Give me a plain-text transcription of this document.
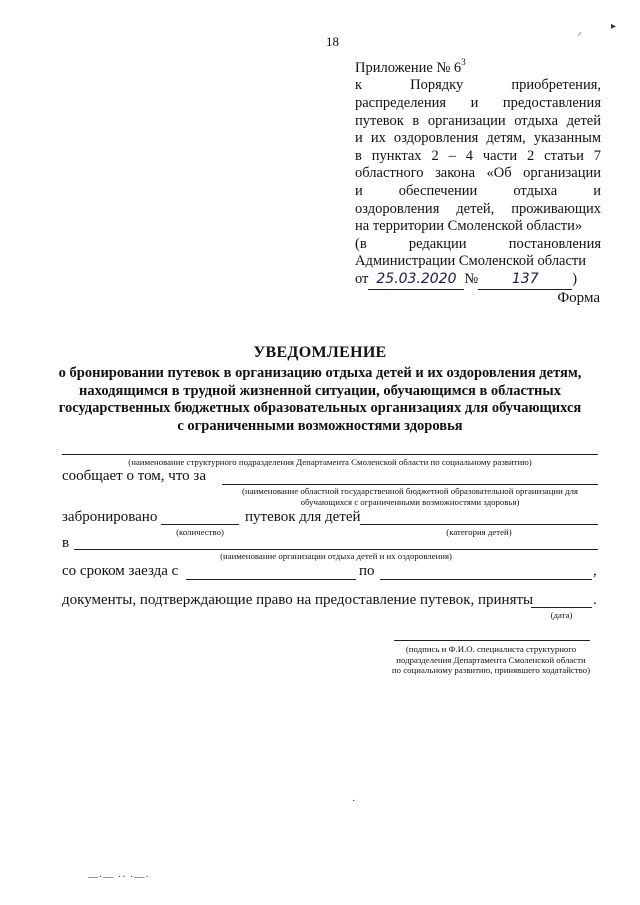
18
⸝
▸
Приложение № $6^3$
к Порядку приобретения,
распределения и предоставления
путевок в организации отдыха детей
и их оздоровления детям, указанным
в пунктах 2 – 4 части 2 статьи 7
областного закона «Об организации
и обеспечении отдыха и
оздоровления детей, проживающих
на территории Смоленской области»
(в редакции постановления
Администрации Смоленской области
от 25.03.2020 № 137 )
Форма
УВЕДОМЛЕНИЕ
о бронировании путевок в организацию отдыха детей и их оздоровления детям,
находящимся в трудной жизненной ситуации, обучающимся в областных
государственных бюджетных образовательных организациях для обучающихся
с ограниченными возможностями здоровья
(наименование структурного подразделения Департамента Смоленской области по социальному развитию)
сообщает о том, что за
(наименование областной государственной бюджетной образовательной организации для
обучающихся с ограниченными возможностями здоровья)
забронировано	путевок для детей
(количество)	(категория детей)
в
(наименование организации отдыха детей и их оздоровления)
со сроком заезда с	по	,
документы, подтверждающие право на предоставление путевок, приняты	.
(дата)
(подпись и Ф.И.О. специалиста структурного
подразделения Департамента Смоленской области
по социальному развитию, принявшего ходатайство)
—·— ·· ·—·
·
